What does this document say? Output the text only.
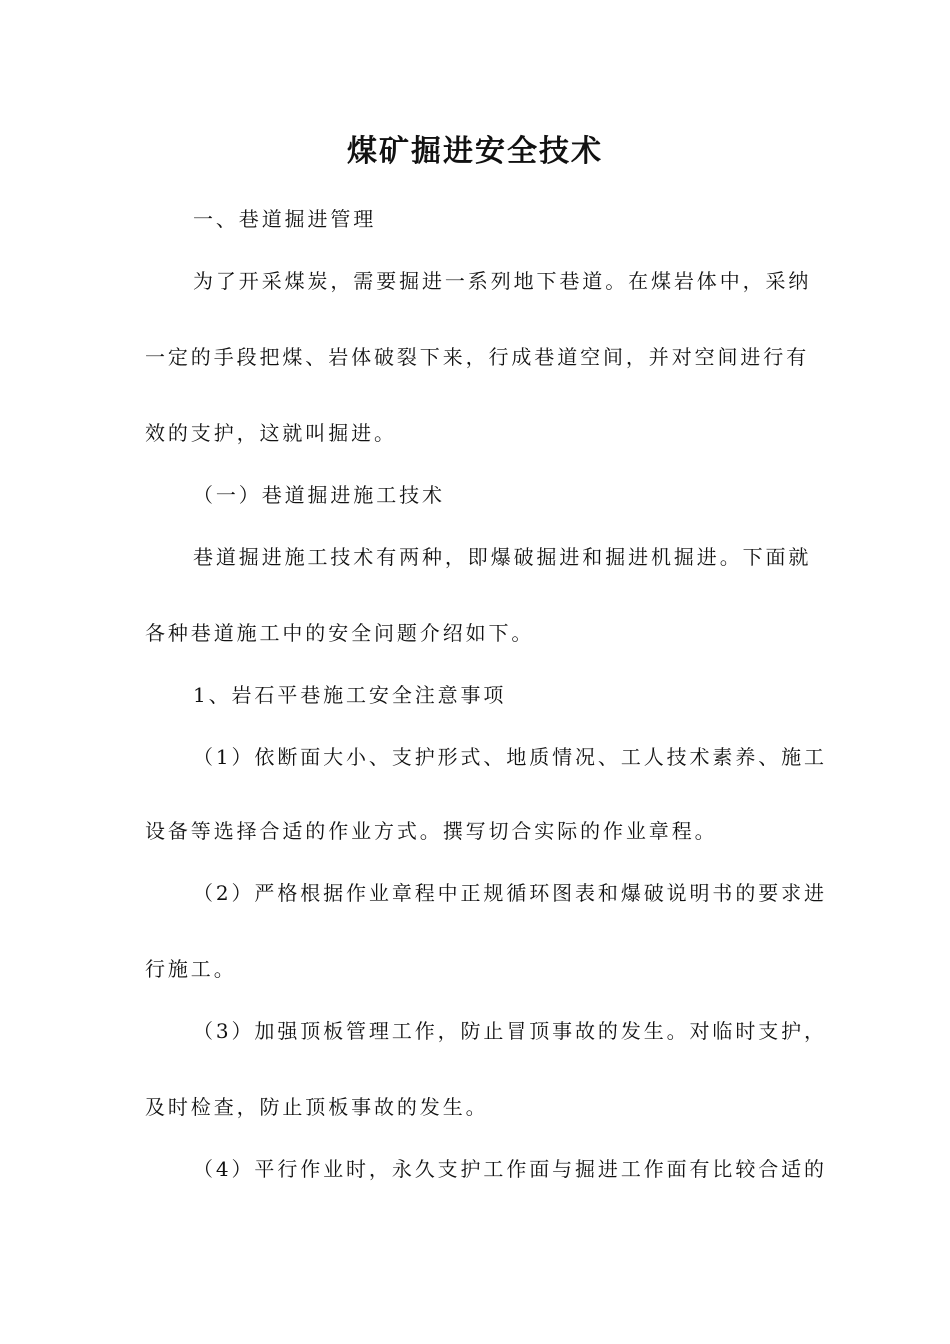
煤矿掘进安全技术
一、巷道掘进管理
为了开采煤炭，需要掘进一系列地下巷道。在煤岩体中，采纳
一定的手段把煤、岩体破裂下来，行成巷道空间，并对空间进行有
效的支护，这就叫掘进。
（一）巷道掘进施工技术
巷道掘进施工技术有两种，即爆破掘进和掘进机掘进。下面就
各种巷道施工中的安全问题介绍如下。
1、岩石平巷施工安全注意事项
（1）依断面大小、支护形式、地质情况、工人技术素养、施工
设备等选择合适的作业方式。撰写切合实际的作业章程。
（2）严格根据作业章程中正规循环图表和爆破说明书的要求进
行施工。
（3）加强顶板管理工作，防止冒顶事故的发生。对临时支护，
及时检查，防止顶板事故的发生。
（4）平行作业时，永久支护工作面与掘进工作面有比较合适的
